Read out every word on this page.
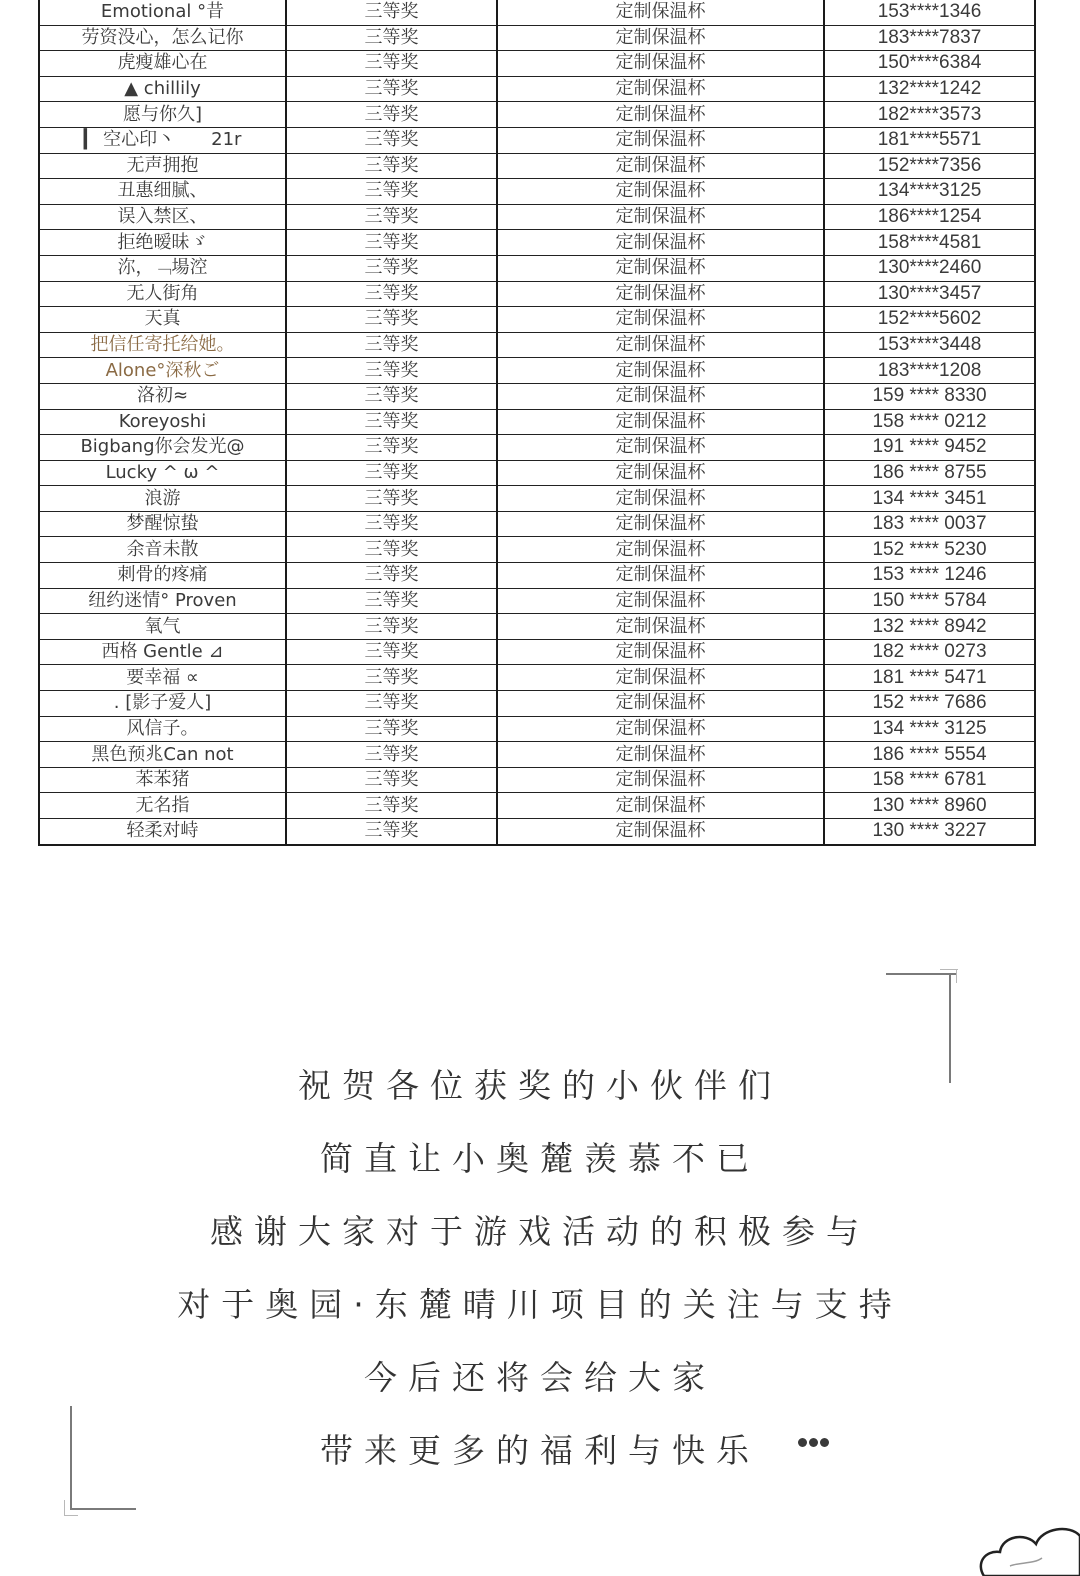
Emotional °昔	三等奖	定制保温杯	153****1346
劳资没心，怎么记你	三等奖	定制保温杯	183****7837
虎瘦雄心在	三等奖	定制保温杯	150****6384
▲ chillily	三等奖	定制保温杯	132****1242
愿与你久]	三等奖	定制保温杯	182****3573
▎ 空心印丶　　21r	三等奖	定制保温杯	181****5571
无声拥抱	三等奖	定制保温杯	152****7356
丑惠细腻、	三等奖	定制保温杯	134****3125
误入禁区、	三等奖	定制保温杯	186****1254
拒绝暧昧ゞ	三等奖	定制保温杯	158****4581
沵，﹁場涳	三等奖	定制保温杯	130****2460
无人街角	三等奖	定制保温杯	130****3457
天真	三等奖	定制保温杯	152****5602
把信任寄托给她。	三等奖	定制保温杯	153****3448
Alone°深秋ご	三等奖	定制保温杯	183****1208
洛初≈	三等奖	定制保温杯	159 **** 8330
Koreyoshi	三等奖	定制保温杯	158 **** 0212
Bigbang你会发光@	三等奖	定制保温杯	191 **** 9452
Lucky ^ ω ^	三等奖	定制保温杯	186 **** 8755
浪游	三等奖	定制保温杯	134 **** 3451
梦醒惊蛰	三等奖	定制保温杯	183 **** 0037
余音未散	三等奖	定制保温杯	152 **** 5230
刺骨的疼痛	三等奖	定制保温杯	153 **** 1246
纽约迷情° Proven	三等奖	定制保温杯	150 **** 5784
氧气	三等奖	定制保温杯	132 **** 8942
西格 Gentle ⊿	三等奖	定制保温杯	182 **** 0273
要幸福 ∝	三等奖	定制保温杯	181 **** 5471
. [影子爱人]	三等奖	定制保温杯	152 **** 7686
风信子。	三等奖	定制保温杯	134 **** 3125
黑色预兆Can not	三等奖	定制保温杯	186 **** 5554
苯苯猪	三等奖	定制保温杯	158 **** 6781
无名指	三等奖	定制保温杯	130 **** 8960
轻柔对峙	三等奖	定制保温杯	130 **** 3227
祝贺各位获奖的小伙伴们
简直让小奥麓羡慕不已
感谢大家对于游戏活动的积极参与
对于奥园·东麓晴川项目的关注与支持
今后还将会给大家
带来更多的福利与快乐
